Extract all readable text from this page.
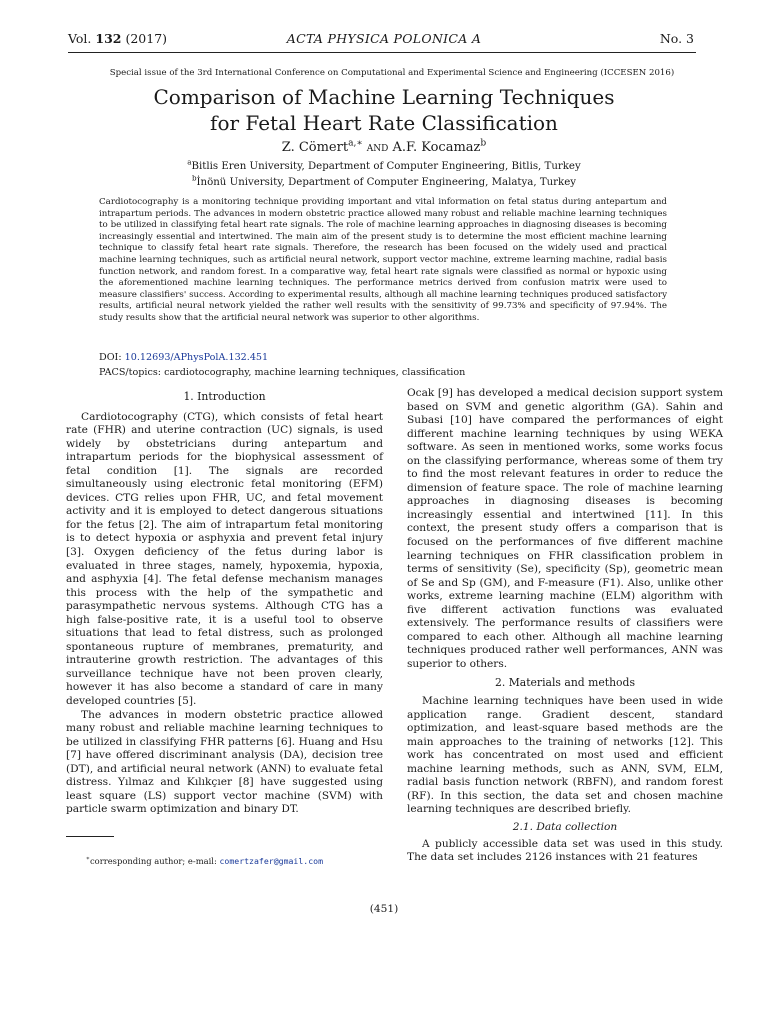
Vol. 132 (2017)	ACTA PHYSICA POLONICA A	No. 3
Special issue of the 3rd International Conference on Computational and Experimental Science and Engineering (ICCESEN 2016)
Comparison of Machine Learning Techniques
for Fetal Heart Rate Classification
Z. Cömert$^{a,∗}$ and A.F. Kocamaz$^b$
$^a$Bitlis Eren University, Department of Computer Engineering, Bitlis, Turkey
$^b$İnönü University, Department of Computer Engineering, Malatya, Turkey
Cardiotocography is a monitoring technique providing important and vital information on fetal status during antepartum and intrapartum periods. The advances in modern obstetric practice allowed many robust and reliable machine learning techniques to be utilized in classifying fetal heart rate signals. The role of machine learning approaches in diagnosing diseases is becoming increasingly essential and intertwined. The main aim of the present study is to determine the most efficient machine learning technique to classify fetal heart rate signals. Therefore, the research has been focused on the widely used and practical machine learning techniques, such as artificial neural network, support vector machine, extreme learning machine, radial basis function network, and random forest. In a comparative way, fetal heart rate signals were classified as normal or hypoxic using the aforementioned machine learning techniques. The performance metrics derived from confusion matrix were used to measure classifiers' success. According to experimental results, although all machine learning techniques produced satisfactory results, artificial neural network yielded the rather well results with the sensitivity of 99.73% and specificity of 97.94%. The study results show that the artificial neural network was superior to other algorithms.
DOI: 10.12693/APhysPolA.132.451
PACS/topics: cardiotocography, machine learning techniques, classification
1. Introduction

Cardiotocography (CTG), which consists of fetal heart rate (FHR) and uterine contraction (UC) signals, is used widely by obstetricians during antepartum and intrapartum periods for the biophysical assessment of fetal condition [1]. The signals are recorded simultaneously using electronic fetal monitoring (EFM) devices. CTG relies upon FHR, UC, and fetal movement activity and it is employed to detect dangerous situations for the fetus [2]. The aim of intrapartum fetal monitoring is to detect hypoxia or asphyxia and prevent fetal injury [3]. Oxygen deficiency of the fetus during labor is evaluated in three stages, namely, hypoxemia, hypoxia, and asphyxia [4]. The fetal defense mechanism manages this process with the help of the sympathetic and parasympathetic nervous systems. Although CTG has a high false-positive rate, it is a useful tool to observe situations that lead to fetal distress, such as prolonged spontaneous rupture of membranes, prematurity, and intrauterine growth restriction. The advantages of this surveillance technique have not been proven clearly, however it has also become a standard of care in many developed countries [5].

The advances in modern obstetric practice allowed many robust and reliable machine learning techniques to be utilized in classifying FHR patterns [6]. Huang and Hsu [7] have offered discriminant analysis (DA), decision tree (DT), and artificial neural network (ANN) to evaluate fetal distress. Yılmaz and Kılıkçıer [8] have suggested using least square (LS) support vector machine (SVM) with particle swarm optimization and binary DT.

Ocak [9] has developed a medical decision support system based on SVM and genetic algorithm (GA). Sahin and Subasi [10] have compared the performances of eight different machine learning techniques by using WEKA software. As seen in mentioned works, some works focus on the classifying performance, whereas some of them try to find the most relevant features in order to reduce the dimension of feature space. The role of machine learning approaches in diagnosing diseases is becoming increasingly essential and intertwined [11]. In this context, the present study offers a comparison that is focused on the performances of five different machine learning techniques on FHR classification problem in terms of sensitivity (Se), specificity (Sp), geometric mean of Se and Sp (GM), and F-measure (F1). Also, unlike other works, extreme learning machine (ELM) algorithm with five different activation functions was evaluated extensively. The performance results of classifiers were compared to each other. Although all machine learning techniques produced rather well performances, ANN was superior to others.

2. Materials and methods

Machine learning techniques have been used in wide application range. Gradient descent, standard optimization, and least-square based methods are the main approaches to the training of networks [12]. This work has concentrated on most used and efficient machine learning methods, such as ANN, SVM, ELM, radial basis function network (RBFN), and random forest (RF). In this section, the data set and chosen machine learning techniques are described briefly.

2.1. Data collection

A publicly accessible data set was used in this study. The data set includes 2126 instances with 21 features

∗corresponding author; e-mail: comertzafer@gmail.com
(451)
